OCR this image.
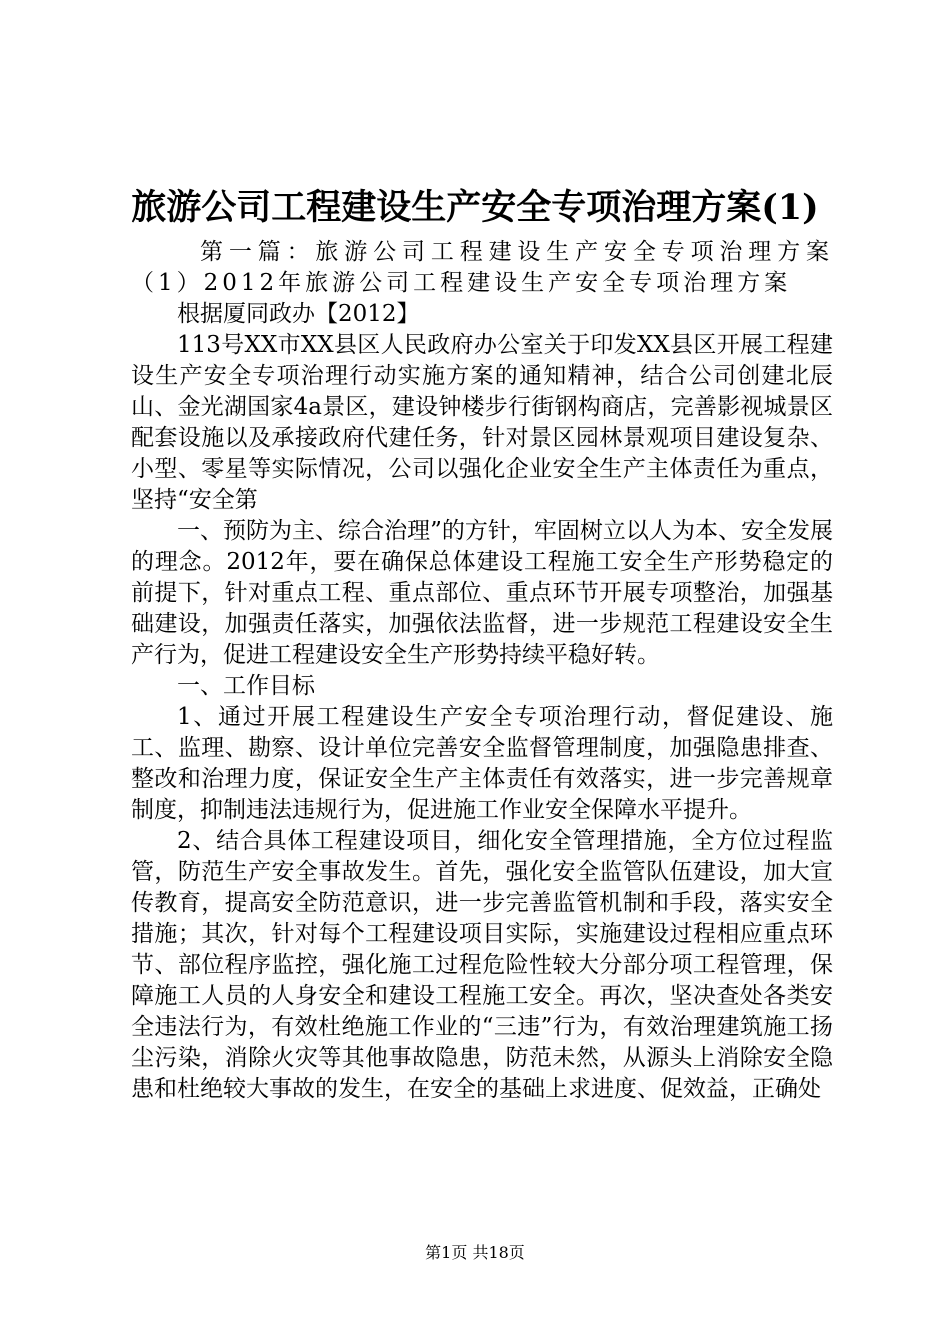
旅游公司工程建设生产安全专项治理方案(1)

第一篇：旅游公司工程建设生产安全专项治理方案（1）2012年旅游公司工程建设生产安全专项治理方案

根据厦同政办【2012】

113号XX市XX县区人民政府办公室关于印发XX县区开展工程建设生产安全专项治理行动实施方案的通知精神，结合公司创建北辰山、金光湖国家4a景区，建设钟楼步行街钢构商店，完善影视城景区配套设施以及承接政府代建任务，针对景区园林景观项目建设复杂、小型、零星等实际情况，公司以强化企业安全生产主体责任为重点，坚持“安全第

一、预防为主、综合治理”的方针，牢固树立以人为本、安全发展的理念。2012年，要在确保总体建设工程施工安全生产形势稳定的前提下，针对重点工程、重点部位、重点环节开展专项整治，加强基础建设，加强责任落实，加强依法监督，进一步规范工程建设安全生产行为，促进工程建设安全生产形势持续平稳好转。

一、工作目标

1、通过开展工程建设生产安全专项治理行动，督促建设、施工、监理、勘察、设计单位完善安全监督管理制度，加强隐患排查、整改和治理力度，保证安全生产主体责任有效落实，进一步完善规章制度，抑制违法违规行为，促进施工作业安全保障水平提升。

2、结合具体工程建设项目，细化安全管理措施，全方位过程监管，防范生产安全事故发生。首先，强化安全监管队伍建设，加大宣传教育，提高安全防范意识，进一步完善监管机制和手段，落实安全措施；其次，针对每个工程建设项目实际，实施建设过程相应重点环节、部位程序监控，强化施工过程危险性较大分部分项工程管理，保障施工人员的人身安全和建设工程施工安全。再次，坚决查处各类安全违法行为，有效杜绝施工作业的“三违”行为，有效治理建筑施工扬尘污染，消除火灾等其他事故隐患，防范未然，从源头上消除安全隐患和杜绝较大事故的发生，在安全的基础上求进度、促效益，正确处

第1页 共18页
